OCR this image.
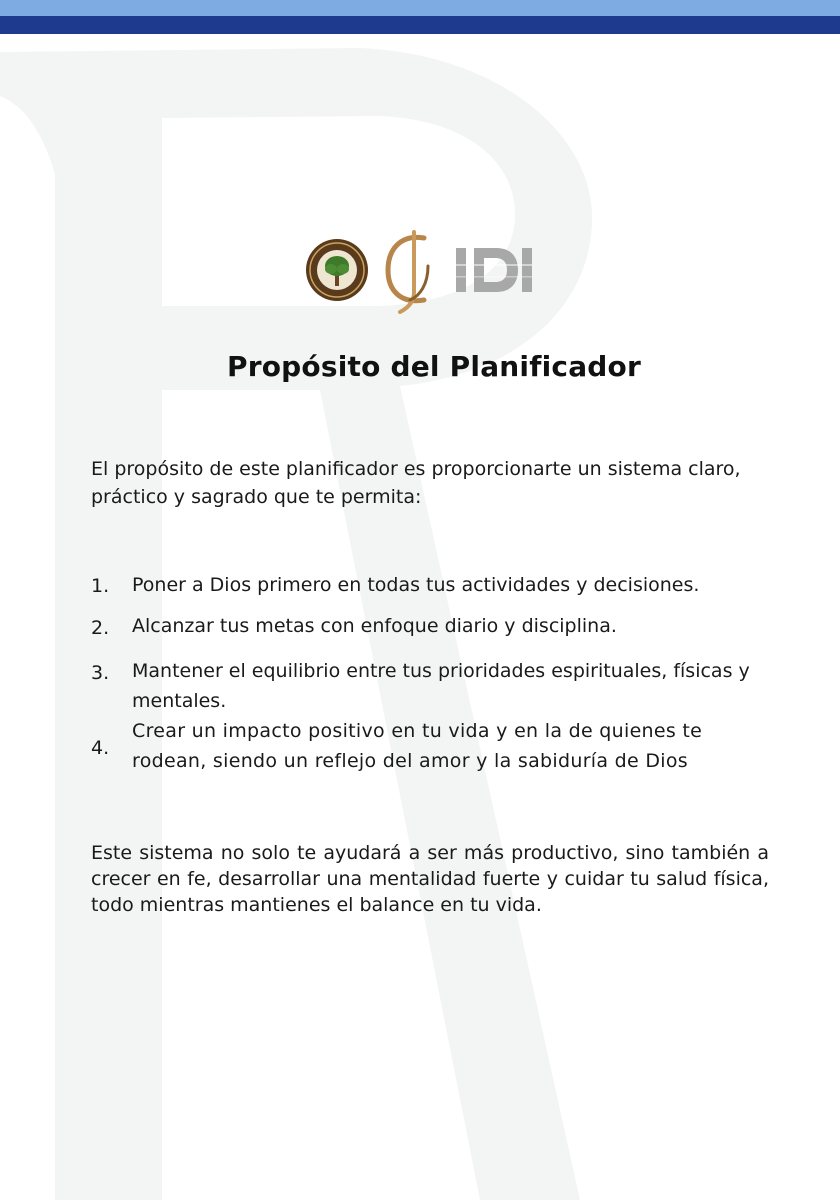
Propósito del Planificador

El propósito de este planificador es proporcionarte un sistema claro, práctico y sagrado que te permita:

1.	Poner a Dios primero en todas tus actividades y decisiones.
2.	Alcanzar tus metas con enfoque diario y disciplina.
3.	Mantener el equilibrio entre tus prioridades espirituales, físicas y mentales.
4.
Crear un impacto positivo en tu vida y en la de quienes te rodean, siendo un reflejo del amor y la sabiduría de Dios

Este sistema no solo te ayudará a ser más productivo, sino también a crecer en fe, desarrollar una mentalidad fuerte y cuidar tu salud física, todo mientras mantienes el balance en tu vida.
